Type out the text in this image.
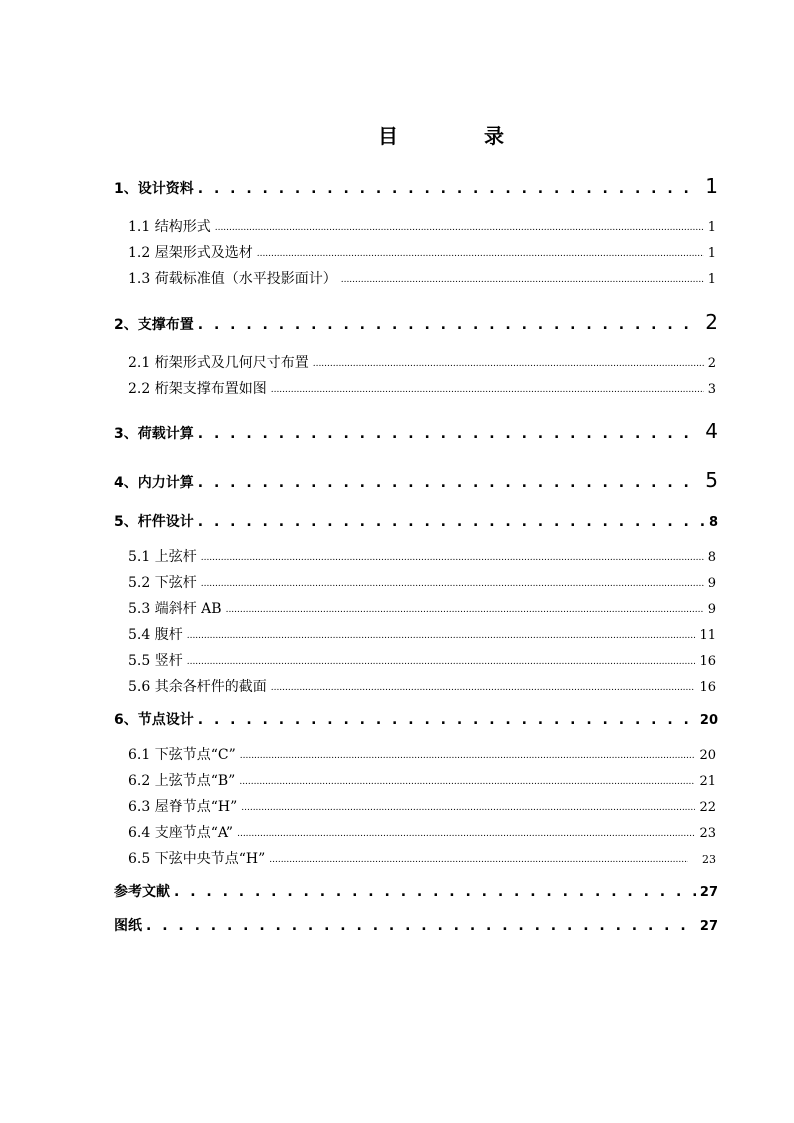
目	录
1、设计资料 . . .	1
1.1 结构形式 .....	1
1.2 屋架形式及选材 .....	1
1.3 荷载标准值（水平投影面计） .....	1
2、支撑布置 . . .	2
2.1 桁架形式及几何尺寸布置 .....	2
2.2 桁架支撑布置如图 .....	3
3、荷载计算 . . .	4
4、内力计算 . . .	5
5、杆件设计 . . .	8
5.1 上弦杆 .....	8
5.2 下弦杆 .....	9
5.3 端斜杆 AB .....	9
5.4 腹杆 .....	11
5.5 竖杆 .....	16
5.6 其余各杆件的截面 .....	16
6、节点设计 . . .	20
6.1 下弦节点“C” .....	20
6.2 上弦节点“B” .....	21
6.3 屋脊节点“H” .....	22
6.4 支座节点“A” .....	23
6.5 下弦中央节点“H” .....	23
参考文献 . . .	27
图纸 . . .	27
